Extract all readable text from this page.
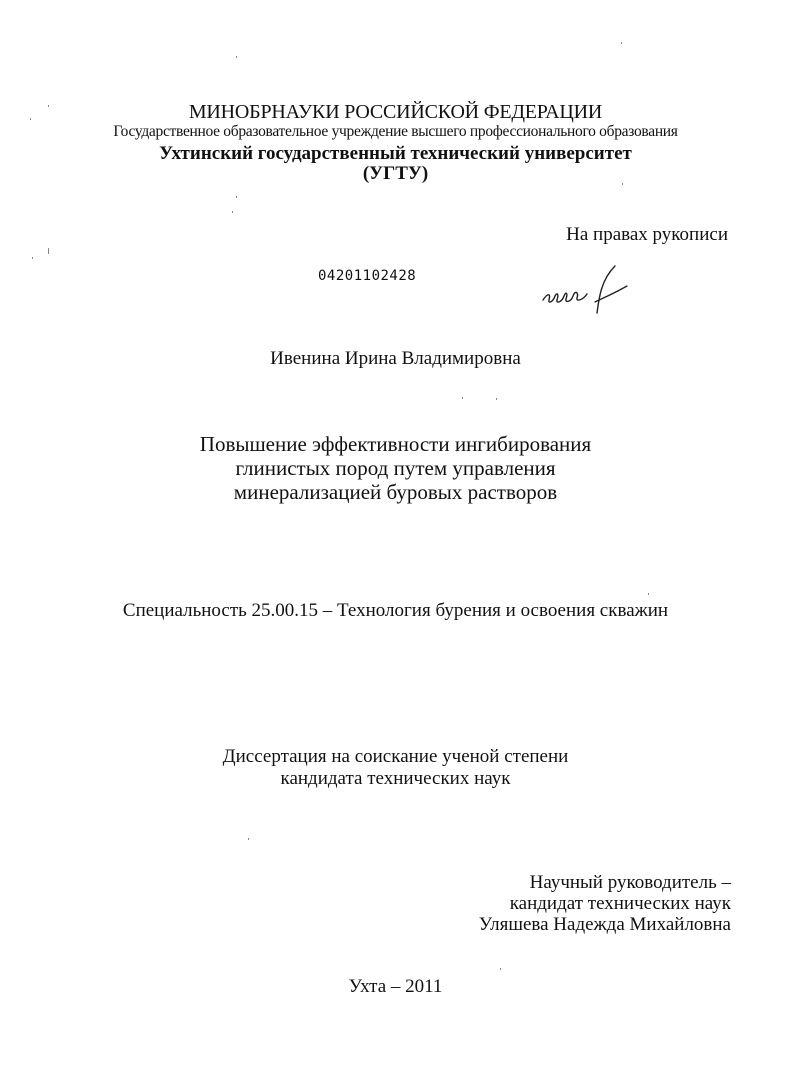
МИНОБРНАУКИ РОССИЙСКОЙ ФЕДЕРАЦИИ
Государственное образовательное учреждение высшего профессионального образования
Ухтинский государственный технический университет
(УГТУ)
На правах рукописи
04201102428
Ивенина Ирина Владимировна
Повышение эффективности ингибирования
глинистых пород путем управления
минерализацией буровых растворов
Специальность 25.00.15 – Технология бурения и освоения скважин
Диссертация на соискание ученой степени
кандидата технических наук
Научный руководитель –
кандидат технических наук
Уляшева Надежда Михайловна
Ухта – 2011
